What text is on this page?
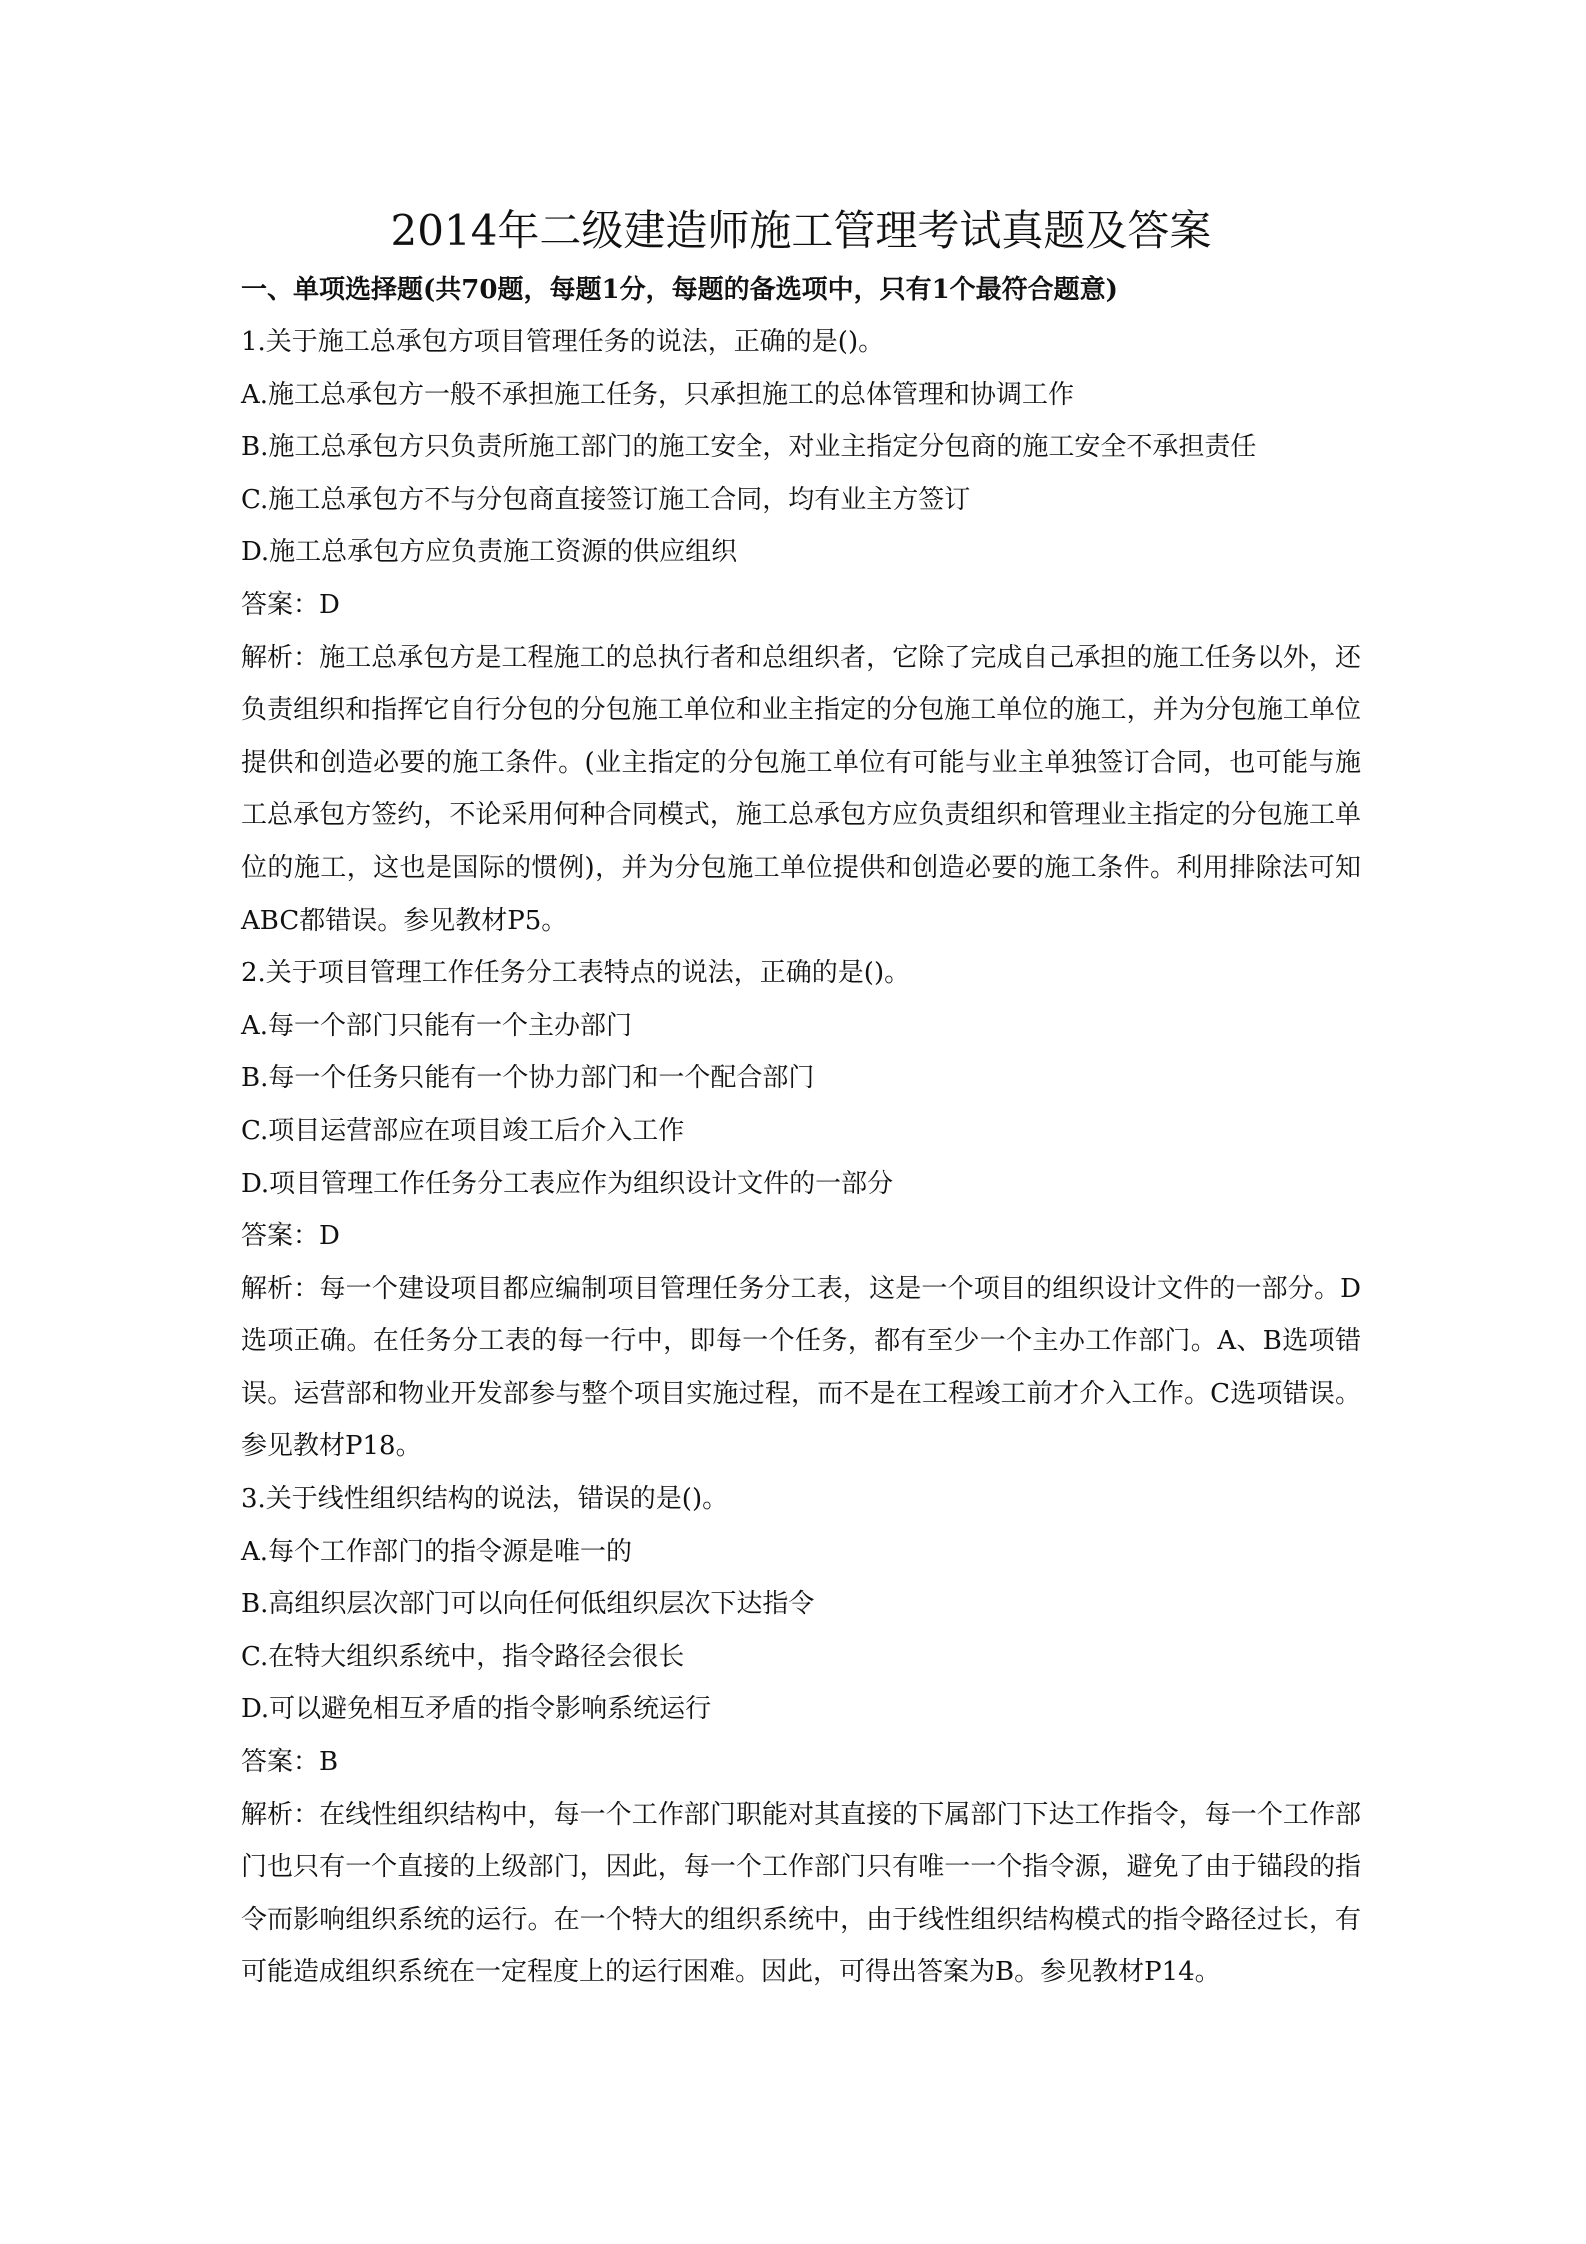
2014年二级建造师施工管理考试真题及答案

一、单项选择题(共70题，每题1分，每题的备选项中，只有1个最符合题意)

1.关于施工总承包方项目管理任务的说法，正确的是()。

A.施工总承包方一般不承担施工任务，只承担施工的总体管理和协调工作

B.施工总承包方只负责所施工部门的施工安全，对业主指定分包商的施工安全不承担责任

C.施工总承包方不与分包商直接签订施工合同，均有业主方签订

D.施工总承包方应负责施工资源的供应组织

答案：D

解析：施工总承包方是工程施工的总执行者和总组织者，它除了完成自己承担的施工任务以外，还负责组织和指挥它自行分包的分包施工单位和业主指定的分包施工单位的施工，并为分包施工单位提供和创造必要的施工条件。(业主指定的分包施工单位有可能与业主单独签订合同，也可能与施工总承包方签约，不论采用何种合同模式，施工总承包方应负责组织和管理业主指定的分包施工单位的施工，这也是国际的惯例)，并为分包施工单位提供和创造必要的施工条件。利用排除法可知ABC都错误。参见教材P5。

2.关于项目管理工作任务分工表特点的说法，正确的是()。

A.每一个部门只能有一个主办部门

B.每一个任务只能有一个协力部门和一个配合部门

C.项目运营部应在项目竣工后介入工作

D.项目管理工作任务分工表应作为组织设计文件的一部分

答案：D

解析：每一个建设项目都应编制项目管理任务分工表，这是一个项目的组织设计文件的一部分。D选项正确。在任务分工表的每一行中，即每一个任务，都有至少一个主办工作部门。A、B选项错误。运营部和物业开发部参与整个项目实施过程，而不是在工程竣工前才介入工作。C选项错误。参见教材P18。

3.关于线性组织结构的说法，错误的是()。

A.每个工作部门的指令源是唯一的

B.高组织层次部门可以向任何低组织层次下达指令

C.在特大组织系统中，指令路径会很长

D.可以避免相互矛盾的指令影响系统运行

答案：B

解析：在线性组织结构中，每一个工作部门职能对其直接的下属部门下达工作指令，每一个工作部门也只有一个直接的上级部门，因此，每一个工作部门只有唯一一个指令源，避免了由于锚段的指令而影响组织系统的运行。在一个特大的组织系统中，由于线性组织结构模式的指令路径过长，有可能造成组织系统在一定程度上的运行困难。因此，可得出答案为B。参见教材P14。
